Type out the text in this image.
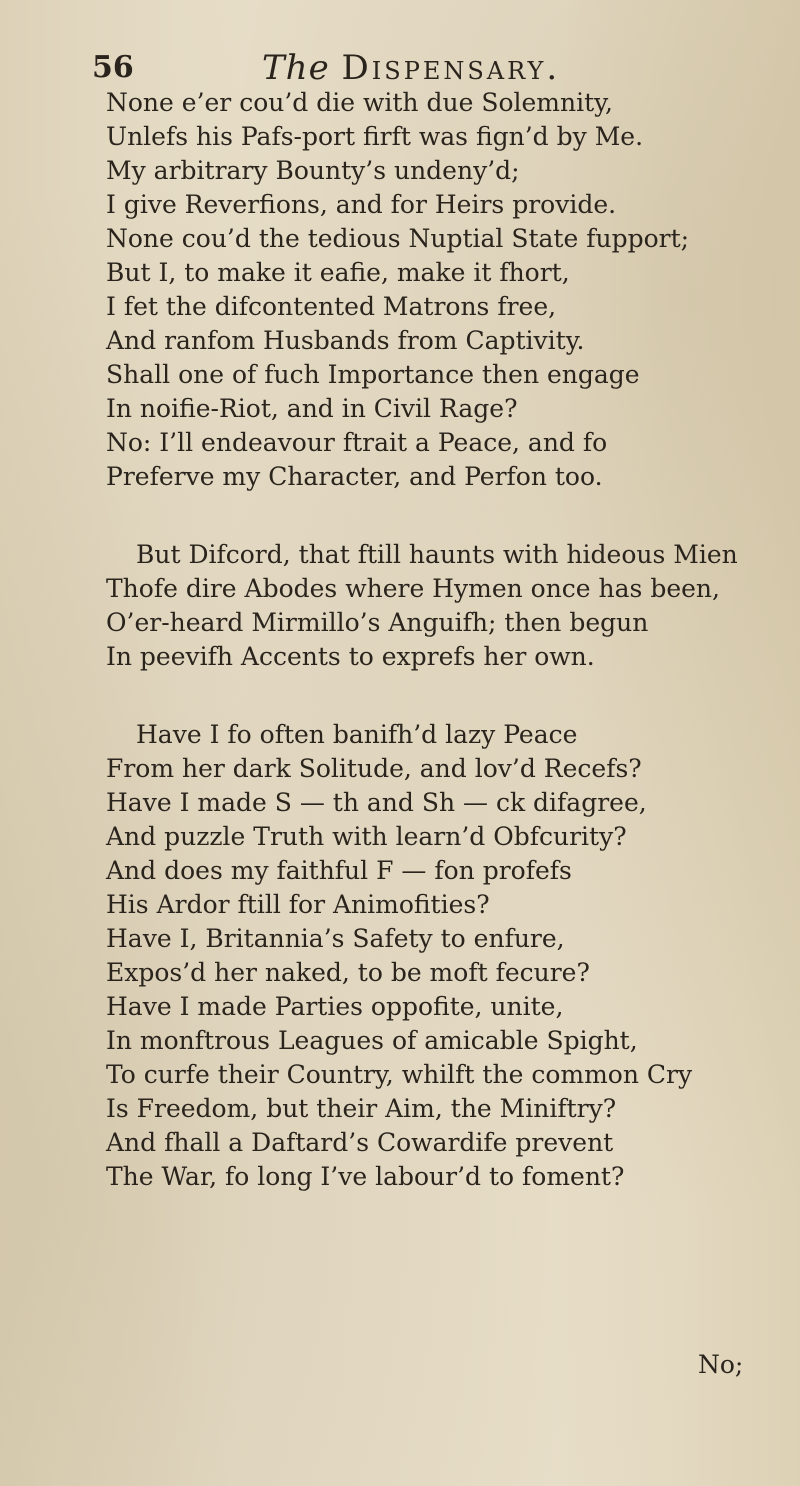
56	The Dispensary.
None e’er cou’d die with due Solemnity,
Unlefs his Pafs-port firft was fign’d by Me.
My arbitrary Bounty’s undeny’d;
I give Reverfions, and for Heirs provide.
None cou’d the tedious Nuptial State fupport;
But I, to make it eafie, make it fhort,
I fet the difcontented Matrons free,
And ranfom Husbands from Captivity.
Shall one of fuch Importance then engage
In noifie-Riot, and in Civil Rage?
No: I’ll endeavour ftrait a Peace, and fo
Preferve my Character, and Perfon too.
But Difcord, that ftill haunts with hideous Mien
Thofe dire Abodes where Hymen once has been,
O’er-heard Mirmillo’s Anguifh; then begun
In peevifh Accents to exprefs her own.
Have I fo often banifh’d lazy Peace
From her dark Solitude, and lov’d Recefs?
Have I made S — th and Sh — ck difagree,
And puzzle Truth with learn’d Obfcurity?
And does my faithful F — fon profefs
His Ardor ftill for Animofities?
Have I, Britannia’s Safety to enfure,
Expos’d her naked, to be moft fecure?
Have I made Parties oppofite, unite,
In monftrous Leagues of amicable Spight,
To curfe their Country, whilft the common Cry
Is Freedom, but their Aim, the Miniftry?
And fhall a Daftard’s Cowardife prevent
The War, fo long I’ve labour’d to foment?
No;
